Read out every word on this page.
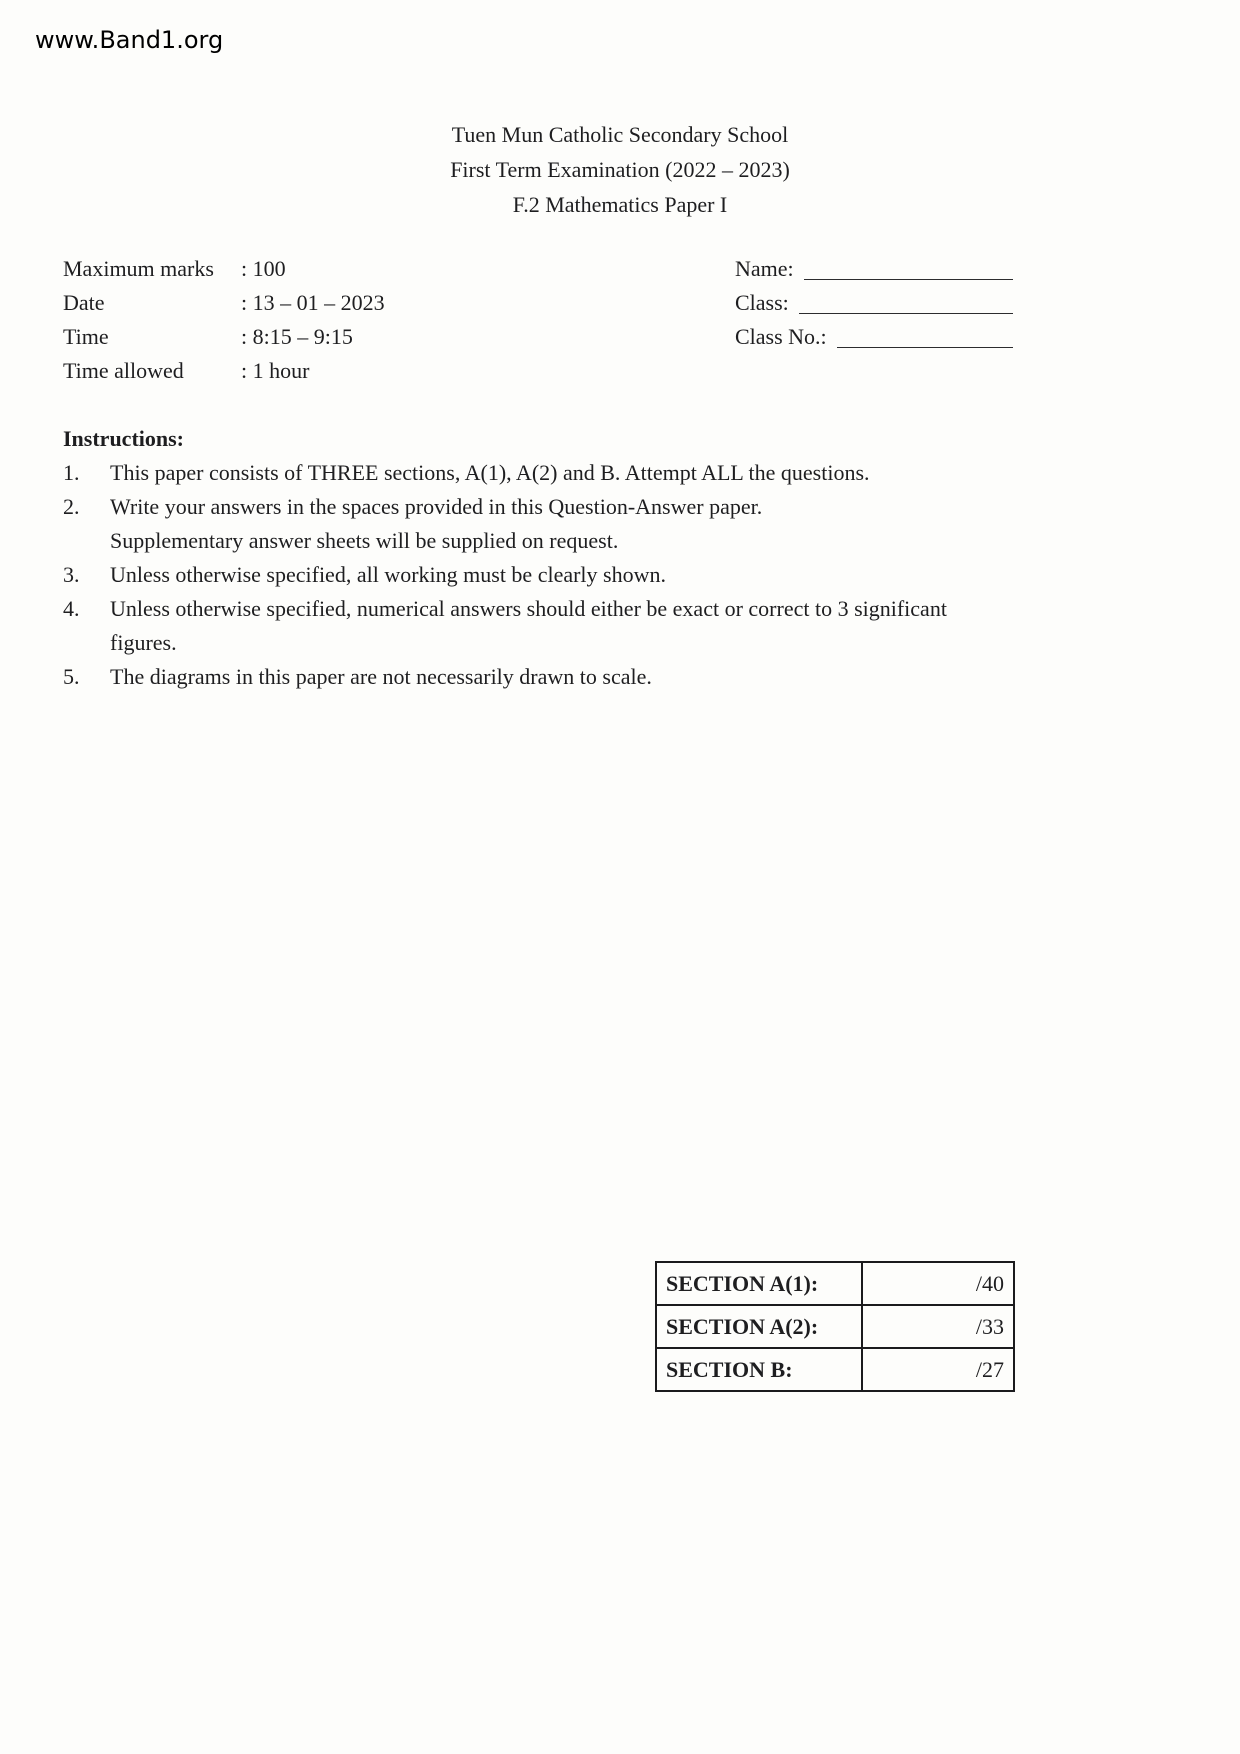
www.Band1.org
Tuen Mun Catholic Secondary School
First Term Examination (2022 – 2023)
F.2 Mathematics Paper I
Maximum marks	: 100
Date	: 13 – 01 – 2023
Time	: 8:15 – 9:15
Time allowed	: 1 hour
Name:
Class:
Class No.:
Instructions:
1.	This paper consists of THREE sections, A(1), A(2) and B. Attempt ALL the questions.
2.	Write your answers in the spaces provided in this Question-Answer paper.
Supplementary answer sheets will be supplied on request.
3.	Unless otherwise specified, all working must be clearly shown.
4.	Unless otherwise specified, numerical answers should either be exact or correct to 3 significant
figures.
5.	The diagrams in this paper are not necessarily drawn to scale.
SECTION A(1):	/40
SECTION A(2):	/33
SECTION B:	/27
